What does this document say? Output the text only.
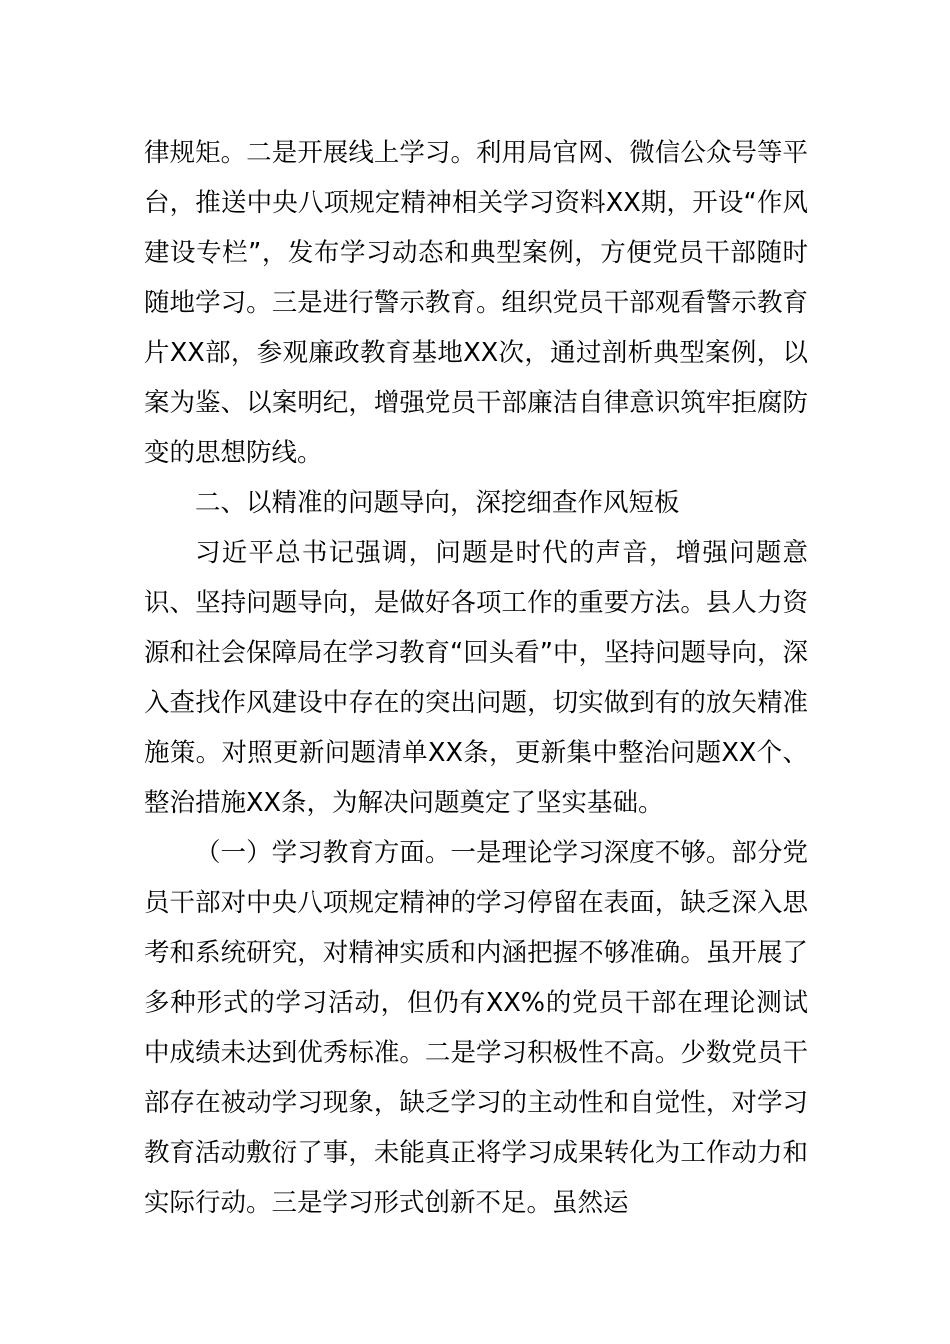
律规矩。二是开展线上学习。利用局官网、微信公众号等平台，推送中央八项规定精神相关学习资料XX期，开设“作风建设专栏”，发布学习动态和典型案例，方便党员干部随时随地学习。三是进行警示教育。组织党员干部观看警示教育片XX部，参观廉政教育基地XX次，通过剖析典型案例，以案为鉴、以案明纪，增强党员干部廉洁自律意识筑牢拒腐防变的思想防线。

二、以精准的问题导向，深挖细查作风短板

习近平总书记强调，问题是时代的声音，增强问题意识、坚持问题导向，是做好各项工作的重要方法。县人力资源和社会保障局在学习教育“回头看”中，坚持问题导向，深入查找作风建设中存在的突出问题，切实做到有的放矢精准施策。对照更新问题清单XX条，更新集中整治问题XX个、整治措施XX条，为解决问题奠定了坚实基础。

（一）学习教育方面。一是理论学习深度不够。部分党员干部对中央八项规定精神的学习停留在表面，缺乏深入思考和系统研究，对精神实质和内涵把握不够准确。虽开展了多种形式的学习活动，但仍有XX%的党员干部在理论测试中成绩未达到优秀标准。二是学习积极性不高。少数党员干部存在被动学习现象，缺乏学习的主动性和自觉性，对学习教育活动敷衍了事，未能真正将学习成果转化为工作动力和实际行动。三是学习形式创新不足。虽然运
